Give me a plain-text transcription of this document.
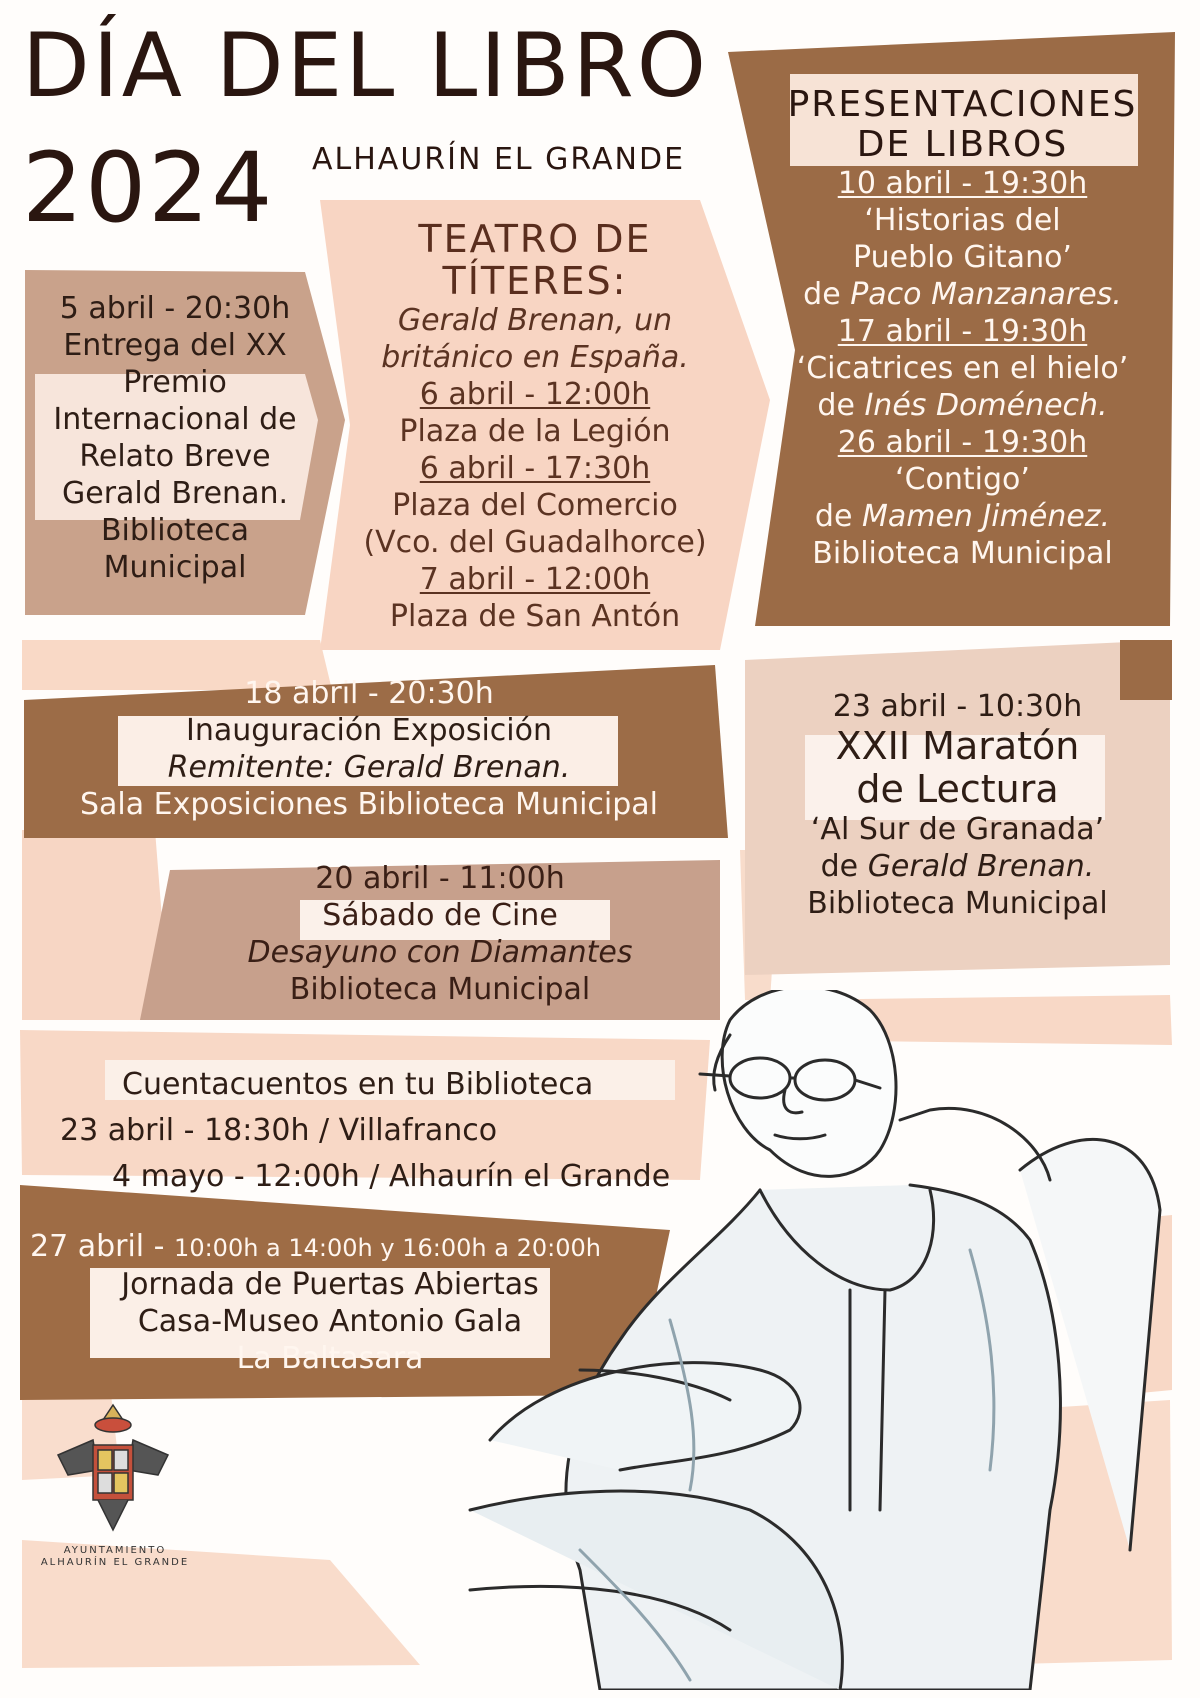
AYUNTAMIENTO
ALHAURÍN EL GRANDE
DÍA DEL LIBRO
2024 ALHAURÍN EL GRANDE
5 abril - 20:30h
Entrega del XX
Premio
Internacional de
Relato Breve
Gerald Brenan.
Biblioteca
Municipal
TEATRO DE
TÍTERES:
Gerald Brenan, un
británico en España.
6 abril - 12:00h
Plaza de la Legión
6 abril - 17:30h
Plaza del Comercio
(Vco. del Guadalhorce)
7 abril - 12:00h
Plaza de San Antón
PRESENTACIONES
DE LIBROS
10 abril - 19:30h
‘Historias del
Pueblo Gitano’
de Paco Manzanares.
17 abril - 19:30h
‘Cicatrices en el hielo’
de Inés Doménech.
26 abril - 19:30h
‘Contigo’
de Mamen Jiménez.
Biblioteca Municipal
18 abril - 20:30h
Inauguración Exposición
Remitente: Gerald Brenan.
Sala Exposiciones Biblioteca Municipal
23 abril - 10:30h
XXII Maratón
de Lectura
‘Al Sur de Granada’
de Gerald Brenan.
Biblioteca Municipal
20 abril - 11:00h
Sábado de Cine
Desayuno con Diamantes
Biblioteca Municipal
Cuentacuentos en tu Biblioteca
23 abril - 18:30h / Villafranco
4 mayo - 12:00h / Alhaurín el Grande
27 abril - 10:00h a 14:00h y 16:00h a 20:00h
Jornada de Puertas Abiertas
Casa-Museo Antonio Gala
La Baltasara
